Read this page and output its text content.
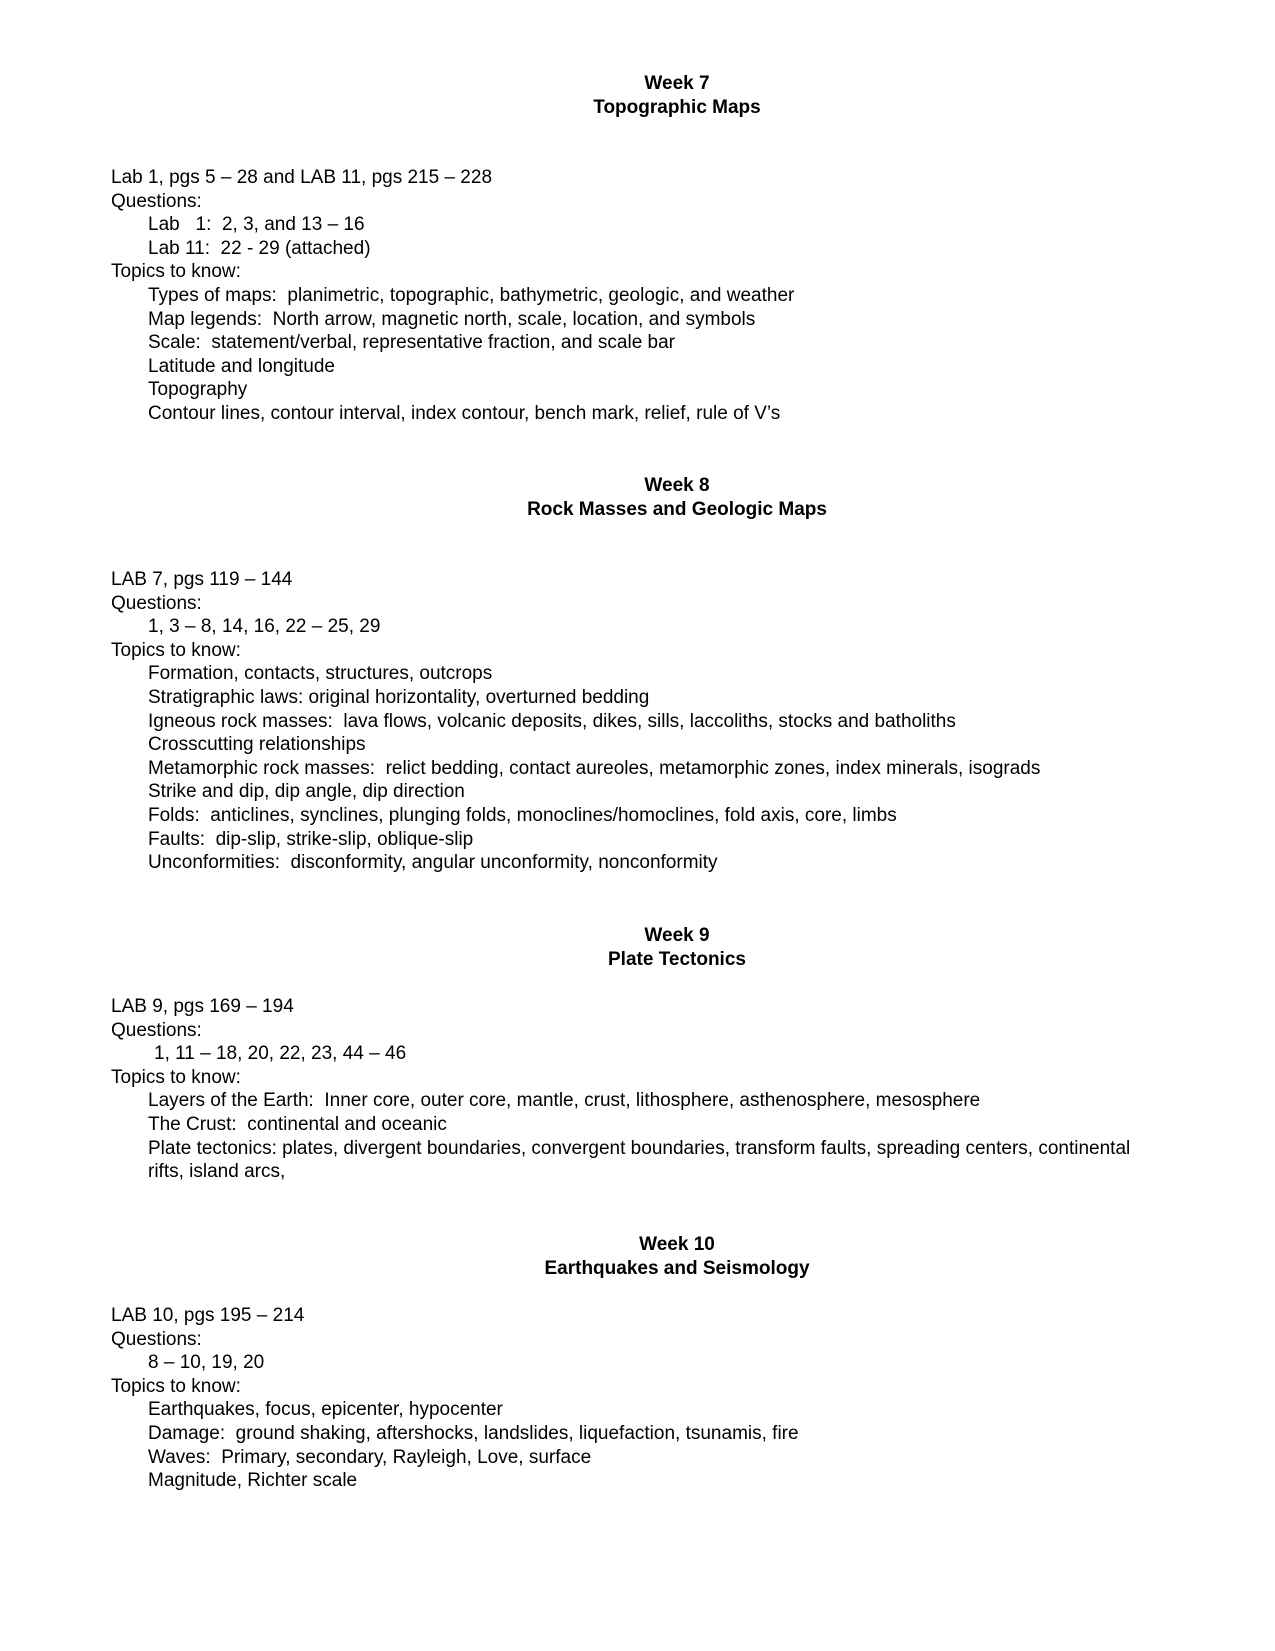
Week 7
Topographic Maps
Lab 1, pgs 5 – 28 and LAB 11, pgs 215 – 228
Questions:
Lab   1:  2, 3, and 13 – 16
Lab 11:  22 - 29 (attached)
Topics to know:
Types of maps:  planimetric, topographic, bathymetric, geologic, and weather
Map legends:  North arrow, magnetic north, scale, location, and symbols
Scale:  statement/verbal, representative fraction, and scale bar
Latitude and longitude
Topography
Contour lines, contour interval, index contour, bench mark, relief, rule of V’s
Week 8
Rock Masses and Geologic Maps
LAB 7, pgs 119 – 144
Questions:
1, 3 – 8, 14, 16, 22 – 25, 29
Topics to know:
Formation, contacts, structures, outcrops
Stratigraphic laws: original horizontality, overturned bedding
Igneous rock masses:  lava flows, volcanic deposits, dikes, sills, laccoliths, stocks and batholiths
Crosscutting relationships
Metamorphic rock masses:  relict bedding, contact aureoles, metamorphic zones, index minerals, isograds
Strike and dip, dip angle, dip direction
Folds:  anticlines, synclines, plunging folds, monoclines/homoclines, fold axis, core, limbs
Faults:  dip-slip, strike-slip, oblique-slip
Unconformities:  disconformity, angular unconformity, nonconformity
Week 9
Plate Tectonics
LAB 9, pgs 169 – 194
Questions:
1, 11 – 18, 20, 22, 23, 44 – 46
Topics to know:
Layers of the Earth:  Inner core, outer core, mantle, crust, lithosphere, asthenosphere, mesosphere
The Crust:  continental and oceanic
Plate tectonics: plates, divergent boundaries, convergent boundaries, transform faults, spreading centers, continental rifts, island arcs,
Week 10
Earthquakes and Seismology
LAB 10, pgs 195 – 214
Questions:
8 – 10, 19, 20
Topics to know:
Earthquakes, focus, epicenter, hypocenter
Damage:  ground shaking, aftershocks, landslides, liquefaction, tsunamis, fire
Waves:  Primary, secondary, Rayleigh, Love, surface
Magnitude, Richter scale
